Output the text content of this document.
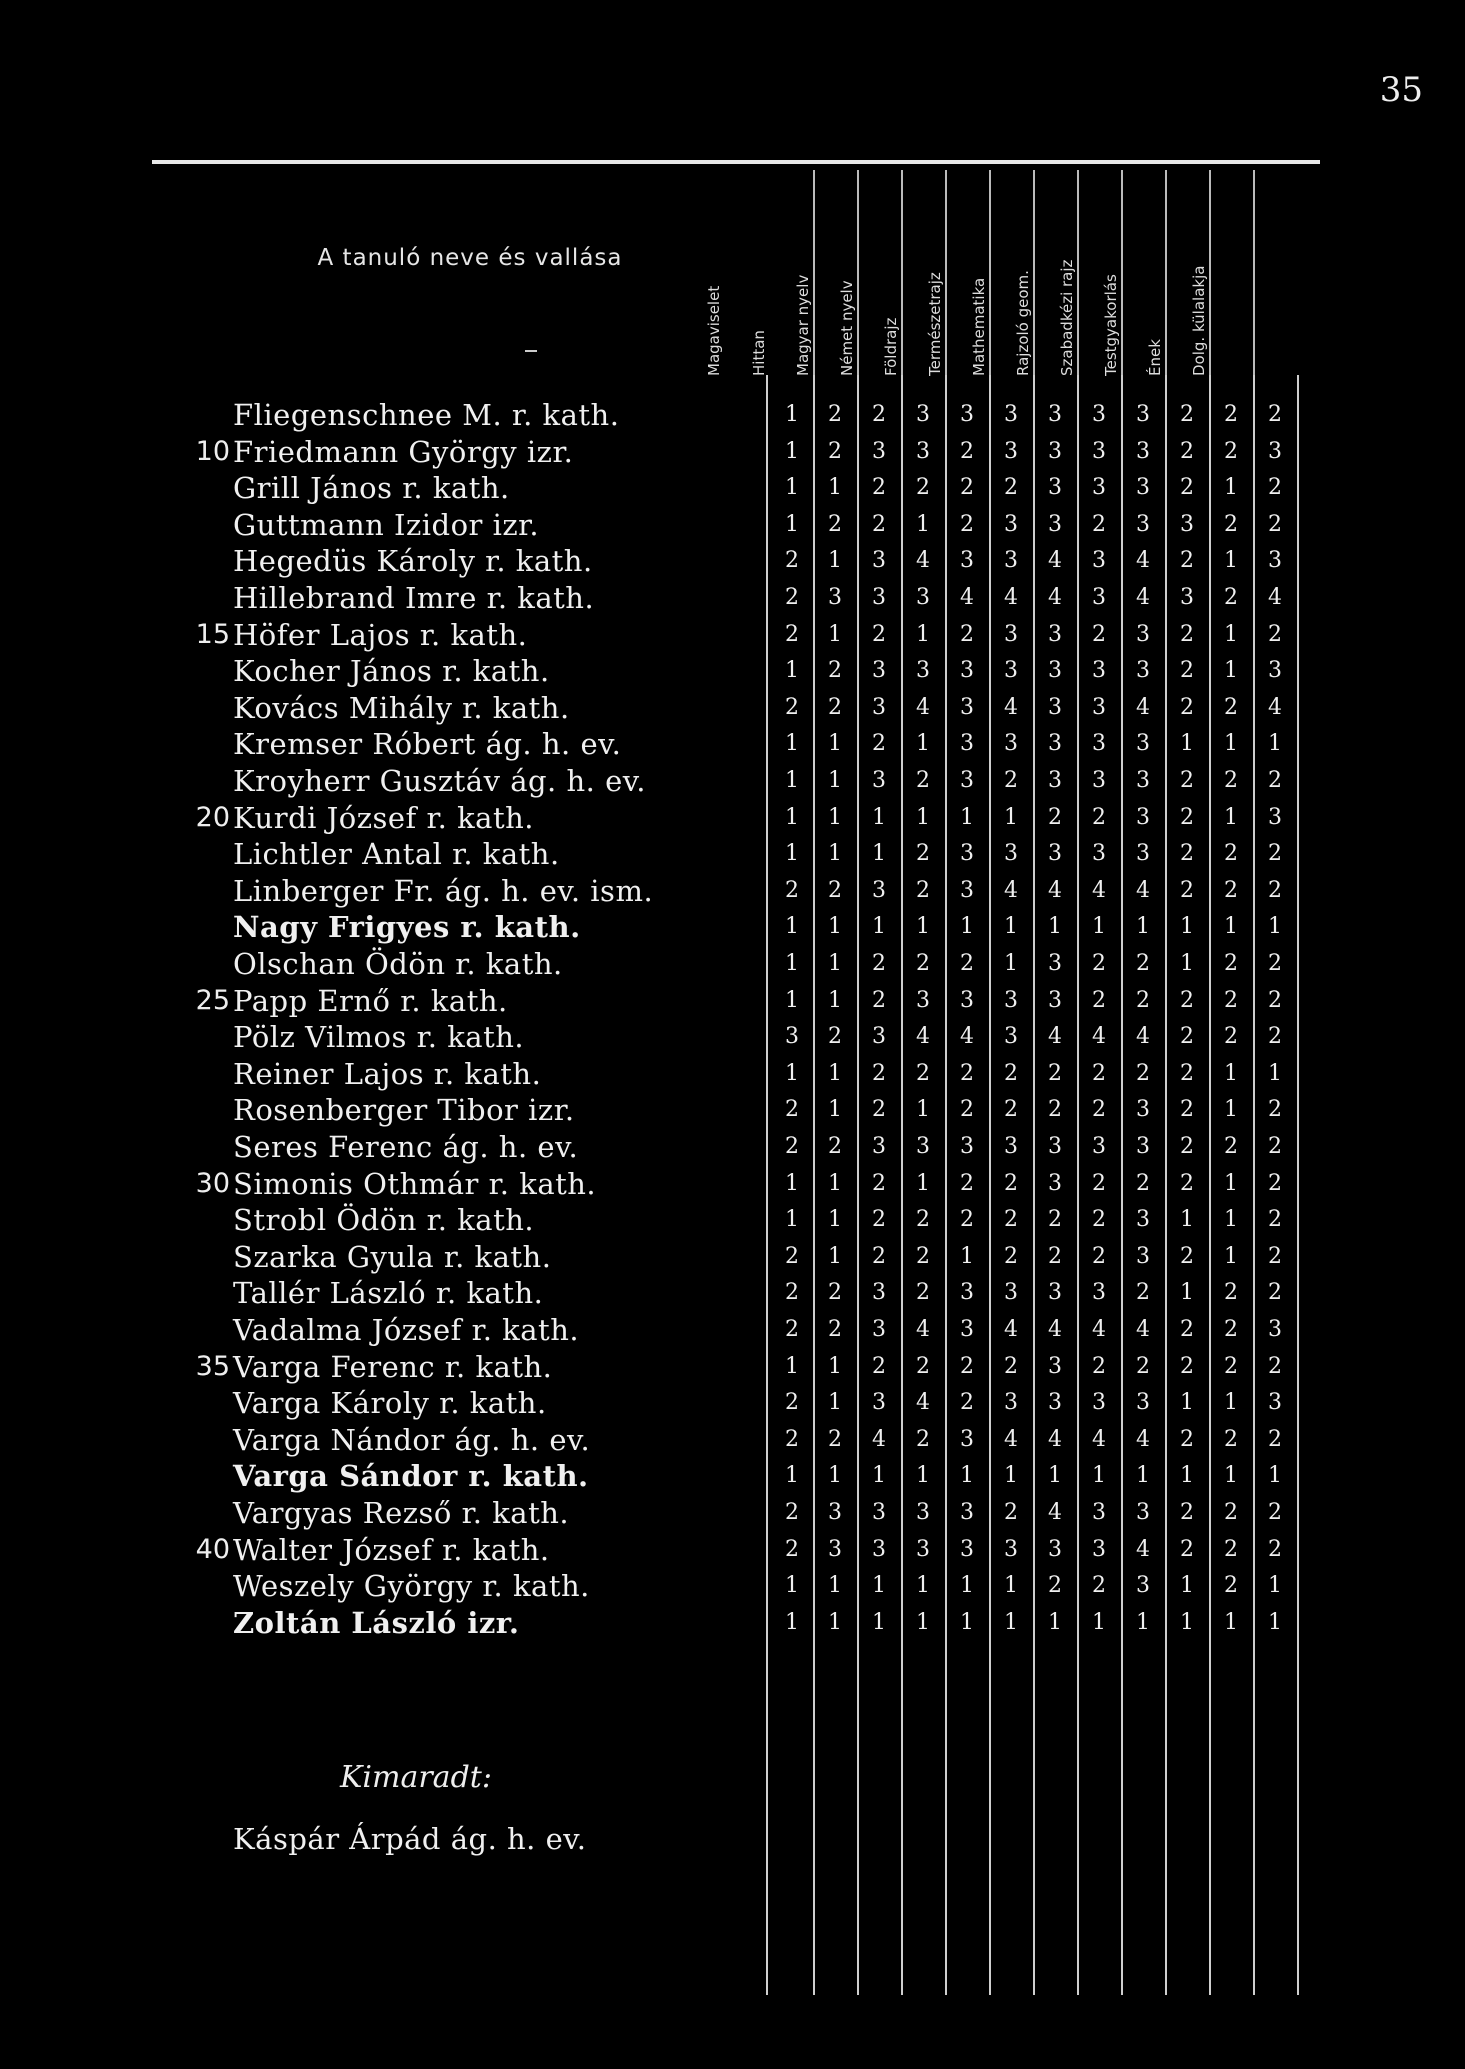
35
A tanuló neve és vallása
Magaviselet Hittan Magyar nyelv Német nyelv Földrajz Természetrajz Mathematika Rajzoló geom. Szabadkézi rajz Testgyakorlás Ének Dolg. külalakja
Fliegenschnee M. r. kath.	1	2	2	3	3	3	3	3	3	2	2	2
10 Friedmann György izr.	1	2	3	3	2	3	3	3	3	2	2	3
Grill János r. kath.	1	1	2	2	2	2	3	3	3	2	1	2
Guttmann Izidor izr.	1	2	2	1	2	3	3	2	3	3	2	2
Hegedüs Károly r. kath.	2	1	3	4	3	3	4	3	4	2	1	3
Hillebrand Imre r. kath.	2	3	3	3	4	4	4	3	4	3	2	4
15 Höfer Lajos r. kath.	2	1	2	1	2	3	3	2	3	2	1	2
Kocher János r. kath.	1	2	3	3	3	3	3	3	3	2	1	3
Kovács Mihály r. kath.	2	2	3	4	3	4	3	3	4	2	2	4
Kremser Róbert ág. h. ev.	1	1	2	1	3	3	3	3	3	1	1	1
Kroyherr Gusztáv ág. h. ev.	1	1	3	2	3	2	3	3	3	2	2	2
20 Kurdi József r. kath.	1	1	1	1	1	1	2	2	3	2	1	3
Lichtler Antal r. kath.	1	1	1	2	3	3	3	3	3	2	2	2
Linberger Fr. ág. h. ev. ism.	2	2	3	2	3	4	4	4	4	2	2	2
Nagy Frigyes r. kath.	1	1	1	1	1	1	1	1	1	1	1	1
Olschan Ödön r. kath.	1	1	2	2	2	1	3	2	2	1	2	2
25 Papp Ernő r. kath.	1	1	2	3	3	3	3	2	2	2	2	2
Pölz Vilmos r. kath.	3	2	3	4	4	3	4	4	4	2	2	2
Reiner Lajos r. kath.	1	1	2	2	2	2	2	2	2	2	1	1
Rosenberger Tibor izr.	2	1	2	1	2	2	2	2	3	2	1	2
Seres Ferenc ág. h. ev.	2	2	3	3	3	3	3	3	3	2	2	2
30 Simonis Othmár r. kath.	1	1	2	1	2	2	3	2	2	2	1	2
Strobl Ödön r. kath.	1	1	2	2	2	2	2	2	3	1	1	2
Szarka Gyula r. kath.	2	1	2	2	1	2	2	2	3	2	1	2
Tallér László r. kath.	2	2	3	2	3	3	3	3	2	1	2	2
Vadalma József r. kath.	2	2	3	4	3	4	4	4	4	2	2	3
35 Varga Ferenc r. kath.	1	1	2	2	2	2	3	2	2	2	2	2
Varga Károly r. kath.	2	1	3	4	2	3	3	3	3	1	1	3
Varga Nándor ág. h. ev.	2	2	4	2	3	4	4	4	4	2	2	2
Varga Sándor r. kath.	1	1	1	1	1	1	1	1	1	1	1	1
Vargyas Rezső r. kath.	2	3	3	3	3	2	4	3	3	2	2	2
40 Walter József r. kath.	2	3	3	3	3	3	3	3	4	2	2	2
Weszely György r. kath.	1	1	1	1	1	1	2	2	3	1	2	1
Zoltán László izr.	1	1	1	1	1	1	1	1	1	1	1	1
Kimaradt:
Káspár Árpád ág. h. ev.
